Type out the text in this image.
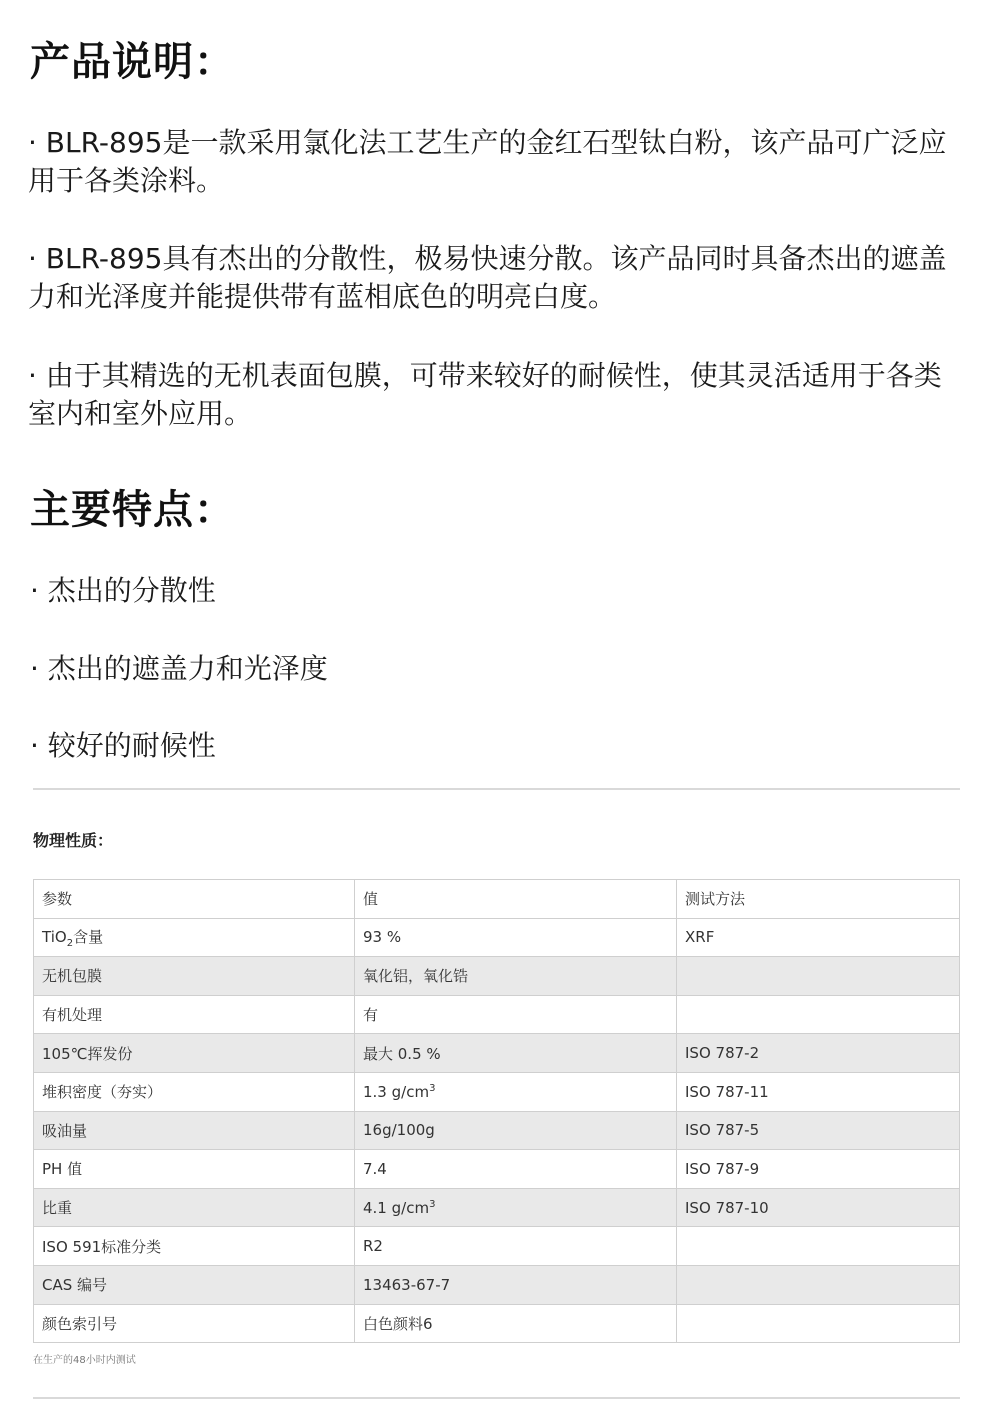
产品说明：

· BLR-895是一款采用氯化法工艺生产的金红石型钛白粉，该产品可广泛应用于各类涂料。

· BLR-895具有杰出的分散性，极易快速分散。该产品同时具备杰出的遮盖力和光泽度并能提供带有蓝相底色的明亮白度。

· 由于其精选的无机表面包膜，可带来较好的耐候性，使其灵活适用于各类室内和室外应用。

主要特点：
· 杰出的分散性
· 杰出的遮盖力和光泽度
· 较好的耐候性
物理性质：
参数	值	测试方法
TiO$_2$含量	93 %	XRF
无机包膜	氧化铝，氧化锆	
有机处理	有	
105℃挥发份	最大 0.5 %	ISO 787-2
堆积密度（夯实）	1.3 $g/cm^3$	ISO 787-11
吸油量	16g/100g	ISO 787-5
PH 值	7.4	ISO 787-9
比重	4.1 $g/cm^3$	ISO 787-10
ISO 591标准分类	R2	
CAS 编号	13463-67-7	
颜色索引号	白色颜料6	
在生产的48小时内测试
